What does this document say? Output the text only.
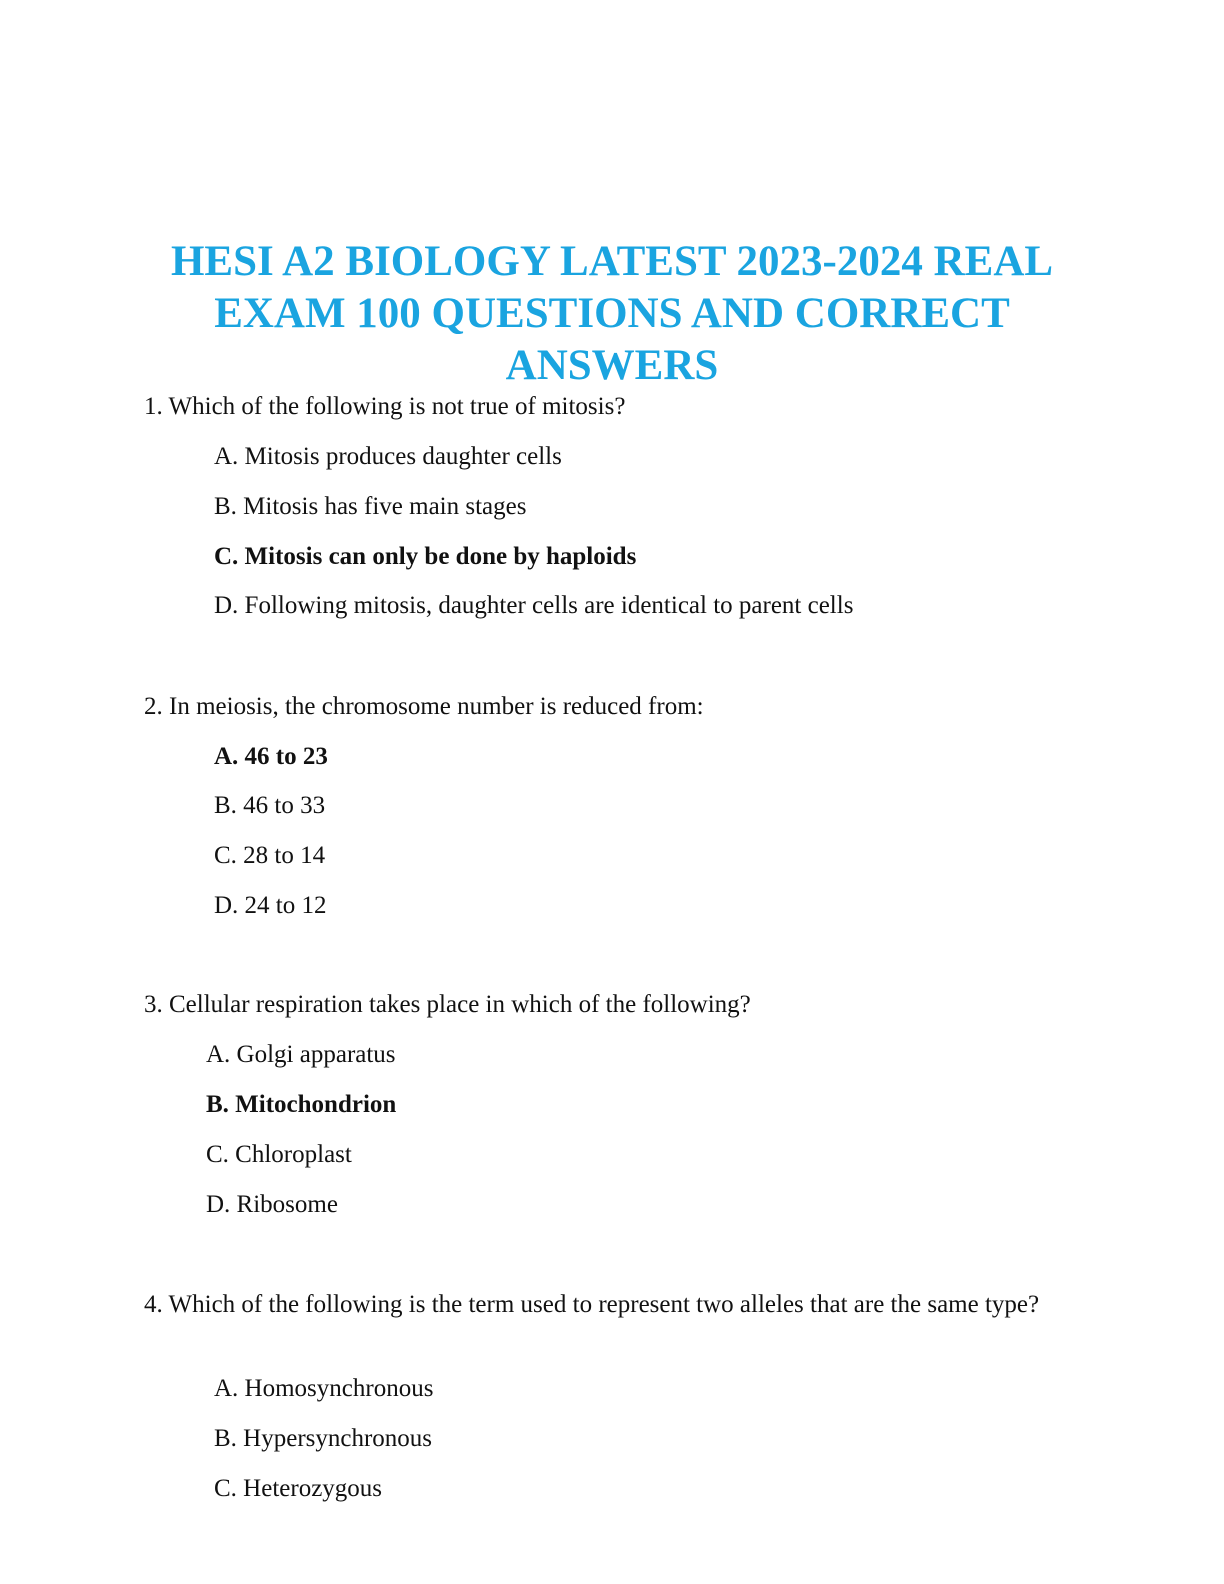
HESI A2 BIOLOGY LATEST 2023-2024 REAL
EXAM 100 QUESTIONS AND CORRECT
ANSWERS

1. Which of the following is not true of mitosis?

A. Mitosis produces daughter cells

B. Mitosis has five main stages

C. Mitosis can only be done by haploids

D. Following mitosis, daughter cells are identical to parent cells

2. In meiosis, the chromosome number is reduced from:

A. 46 to 23

B. 46 to 33

C. 28 to 14

D. 24 to 12

3. Cellular respiration takes place in which of the following?

A. Golgi apparatus

B. Mitochondrion

C. Chloroplast

D. Ribosome

4. Which of the following is the term used to represent two alleles that are the same type?

A. Homosynchronous

B. Hypersynchronous

C. Heterozygous
